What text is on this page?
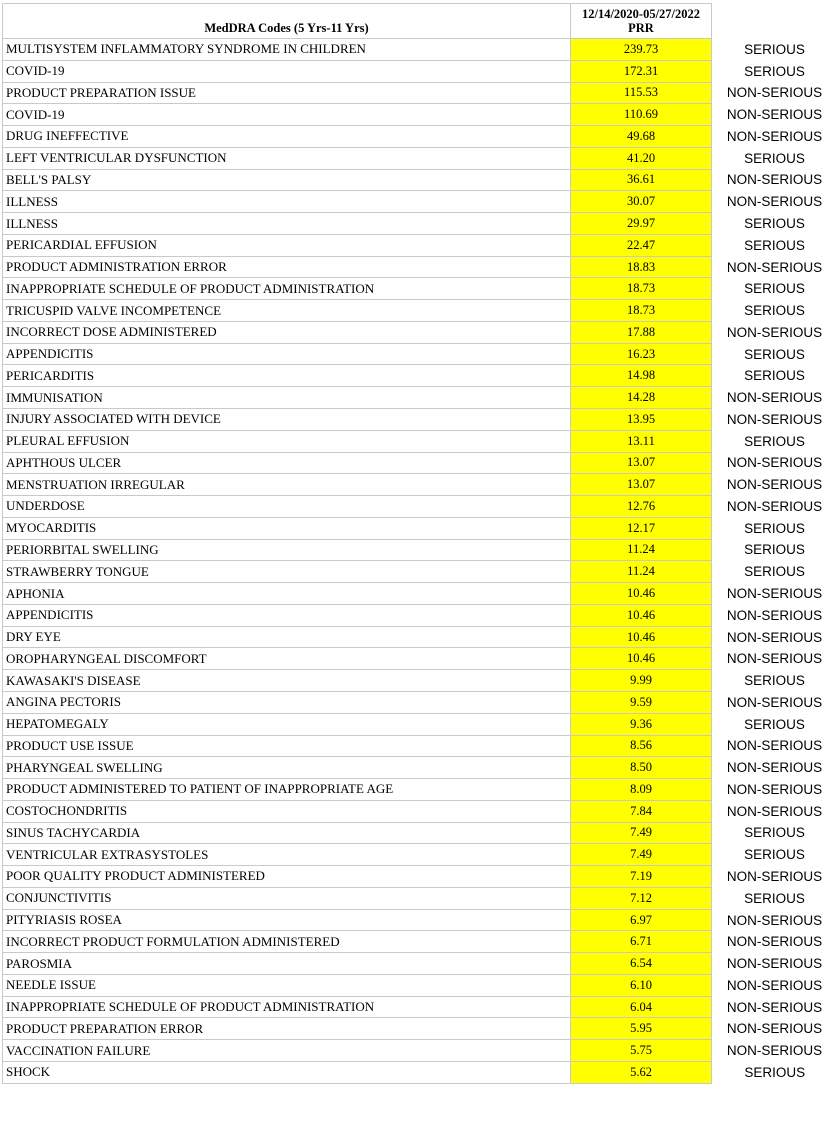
MedDRA Codes (5 Yrs-11 Yrs)	12/14/2020-05/27/2022
PRR	

MULTISYSTEM INFLAMMATORY SYNDROME IN CHILDREN	239.73	SERIOUS
COVID-19	172.31	SERIOUS
PRODUCT PREPARATION ISSUE	115.53	NON-SERIOUS
COVID-19	110.69	NON-SERIOUS
DRUG INEFFECTIVE	49.68	NON-SERIOUS
LEFT VENTRICULAR DYSFUNCTION	41.20	SERIOUS
BELL'S PALSY	36.61	NON-SERIOUS
ILLNESS	30.07	NON-SERIOUS
ILLNESS	29.97	SERIOUS
PERICARDIAL EFFUSION	22.47	SERIOUS
PRODUCT ADMINISTRATION ERROR	18.83	NON-SERIOUS
INAPPROPRIATE SCHEDULE OF PRODUCT ADMINISTRATION	18.73	SERIOUS
TRICUSPID VALVE INCOMPETENCE	18.73	SERIOUS
INCORRECT DOSE ADMINISTERED	17.88	NON-SERIOUS
APPENDICITIS	16.23	SERIOUS
PERICARDITIS	14.98	SERIOUS
IMMUNISATION	14.28	NON-SERIOUS
INJURY ASSOCIATED WITH DEVICE	13.95	NON-SERIOUS
PLEURAL EFFUSION	13.11	SERIOUS
APHTHOUS ULCER	13.07	NON-SERIOUS
MENSTRUATION IRREGULAR	13.07	NON-SERIOUS
UNDERDOSE	12.76	NON-SERIOUS
MYOCARDITIS	12.17	SERIOUS
PERIORBITAL SWELLING	11.24	SERIOUS
STRAWBERRY TONGUE	11.24	SERIOUS
APHONIA	10.46	NON-SERIOUS
APPENDICITIS	10.46	NON-SERIOUS
DRY EYE	10.46	NON-SERIOUS
OROPHARYNGEAL DISCOMFORT	10.46	NON-SERIOUS
KAWASAKI'S DISEASE	9.99	SERIOUS
ANGINA PECTORIS	9.59	NON-SERIOUS
HEPATOMEGALY	9.36	SERIOUS
PRODUCT USE ISSUE	8.56	NON-SERIOUS
PHARYNGEAL SWELLING	8.50	NON-SERIOUS
PRODUCT ADMINISTERED TO PATIENT OF INAPPROPRIATE AGE	8.09	NON-SERIOUS
COSTOCHONDRITIS	7.84	NON-SERIOUS
SINUS TACHYCARDIA	7.49	SERIOUS
VENTRICULAR EXTRASYSTOLES	7.49	SERIOUS
POOR QUALITY PRODUCT ADMINISTERED	7.19	NON-SERIOUS
CONJUNCTIVITIS	7.12	SERIOUS
PITYRIASIS ROSEA	6.97	NON-SERIOUS
INCORRECT PRODUCT FORMULATION ADMINISTERED	6.71	NON-SERIOUS
PAROSMIA	6.54	NON-SERIOUS
NEEDLE ISSUE	6.10	NON-SERIOUS
INAPPROPRIATE SCHEDULE OF PRODUCT ADMINISTRATION	6.04	NON-SERIOUS
PRODUCT PREPARATION ERROR	5.95	NON-SERIOUS
VACCINATION FAILURE	5.75	NON-SERIOUS
SHOCK	5.62	SERIOUS
